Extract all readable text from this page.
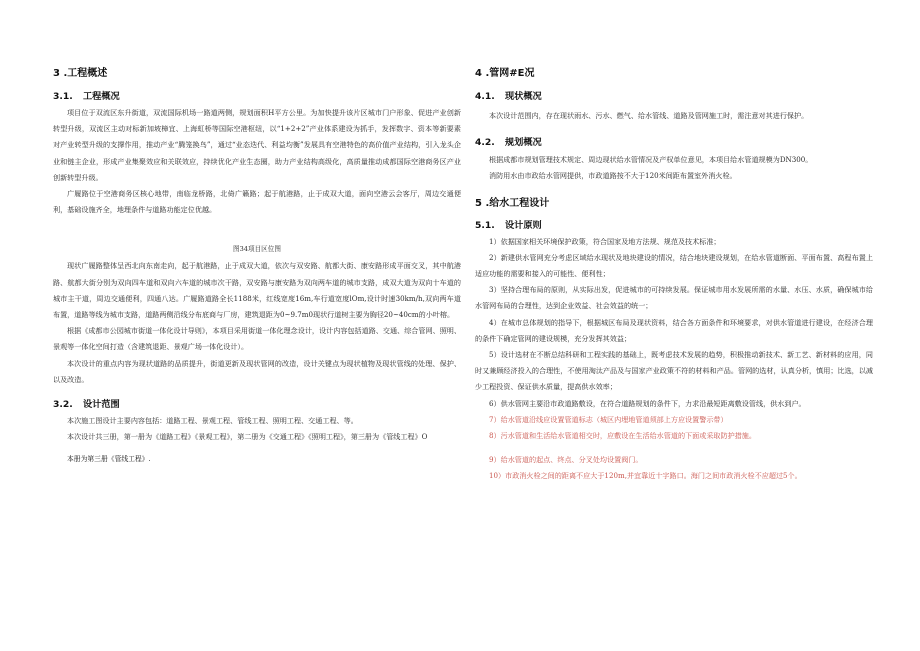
3 .工程概述
3.1. 工程概况

项目位于双流区东升街道，双流国际机场一路道两侧，规划面积H平方公里。为加快提升该片区城市门户形象、促进产业创新转型升级，双流区主动对标新加坡樟宜、上海虹桥等国际空港枢纽，以“1+2+2”产业体系建设为抓手，发挥数字、资本等新要素对产业转型升级的支撑作用，推动产业“腾笼换鸟”，通过“业态迭代、利益均衡”发展具有空港特色的高价值产业结构，引入龙头企业和链主企业，形成产业集聚效应和关联效应，持续优化产业生态圈，助力产业结构高级化，高质量推动成都国际空港商务区产业创新转型升级。

广履路位于空港商务区核心地带，南临龙桥路，北倚广籁路；起于航港路，止于成双大道，面向空港云会客厅，周边交通便利，基础设施齐全，地理条件与道路功能定位优越。

图34项目区位图

现状广履路整体呈西北向东南走向，起于航港路，止于成双大道，依次与双安路、航都大街、康安路形成平面交叉，其中航港路、航都大街分别为双向四车道和双向六车道的城市次干路，双安路与康安路为双向两车道的城市支路，成双大道为双向十车道的城市主干道，周边交通便利，四通八达。广履路道路全长1188米，红线宽度16m,车行道宽度lOm,设计时速30km/h,双向两车道布置，道路等线为城市支路，道路两侧沿线分布底商与厂房，建筑退距为0~9.7m0现状行道树主要为胸径20~40cm的小叶榕。

根据《成都市公园城市街道一体化设计导则》，本项目采用街道一体化理念设计，设计内容包括道路、交通、综合管网、照明、景观等一体化空间打造（含建筑退距、景观广场一体化设计）。

本次设计的重点内容为现状道路的品质提升，街道更新及现状管网的改造，设计关键点为现状植物及现状管线的处理、保护、以及改造。

3.2. 设计范围

本次施工图设计主要内容包括：道路工程、景观工程、管线工程、照明工程、交通工程、等。

本次设计共三册，第一册为《道路工程》《景观工程》，第二册为《交通工程》《照明工程》，第三册为《管线工程》O

本册为第三册《管线工程》.

4 .管网#E况
4.1. 现状概况

本次设计范围内，存在现状雨水、污水、燃气、给水管线、道路及管网施工时，需注意对其进行保护。

4.2. 规划概况

根据成都市规划管理技术规定、周边现状给水管情况及产权单位意见，本项目给水管道规模为DN300。

消防用水由市政给水管网提供，市政道路按不大于120米间距布置室外消火栓。

5 .给水工程设计
5.1. 设计原则

1）依据国家相关环境保护政策，符合国家及地方法规、规范及技术标准；

2）新建供水管网充分考虑区域给水现状及地块建设的情况，结合地块建设规划，在给水管道断面、平面布置、高程布置上适应功能的需要和接入的可能性、便利性；

3）坚持合理布局的原则，从实际出发，促进城市的可持续发展。保证城市用水发展所需的水量、水压、水质，确保城市给水管网布局的合理性，达到企业效益、社会效益的统一；

4）在城市总体规划的指导下，根据城区布局及现状资料，结合各方面条件和环境要求，对供水管道进行建设，在经济合理的条件下确定管网的建设规模，充分发挥其效益；

5）设计选材在不断总结科研和工程实践的基础上，既考虑技术发展的趋势，积极推动新技术、新工艺、新材料的应用，同时又兼顾经济投入的合理性，不使用淘汰产品及与国家产业政策不符的材料和产品。管网的选材，认真分析，慎用；比选，以减少工程投资、保证供水质量，提高供水效率；

6）供水管网主要沿市政道路敷设，在符合道路规划的条件下，力求沿最短距离敷设管线，供水到户。

7）给水管道沿线应设置管道标志（城区内埋地管道须部上方应设置警示带）

8）污水管道和生活给水管道相交时，应敷设在生活给水管道的下面或采取防护措施。

9）给水管道的起点、终点、分叉处均设置阀门。

10）市政消火栓之间的距离不应大于120m,并宜靠近十字路口。海门之间市政消火栓不应超过5个。
